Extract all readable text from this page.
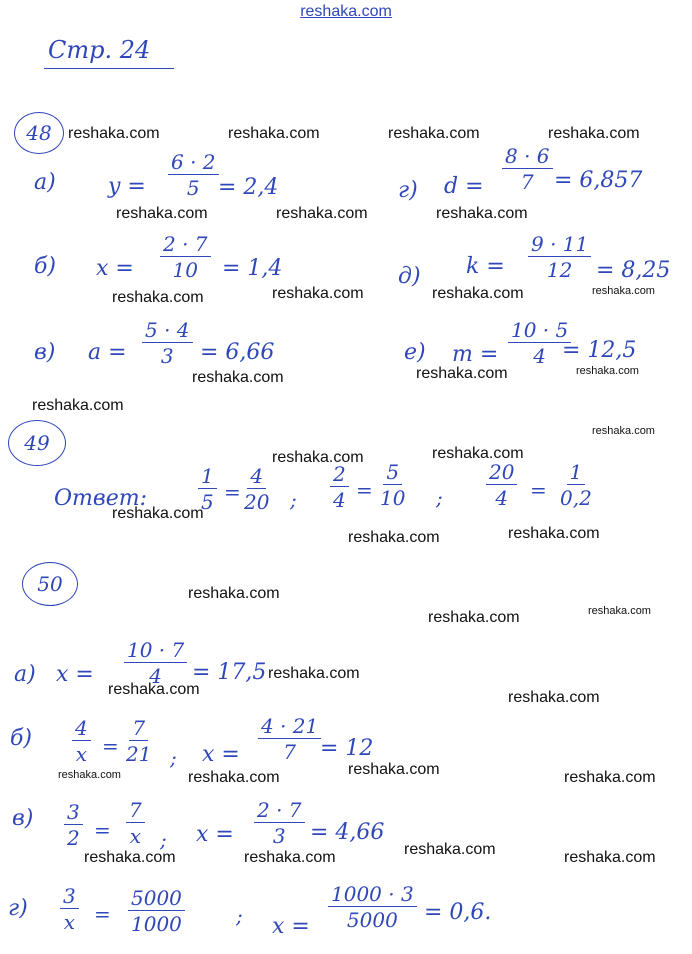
reshaka.com
Стр. 24
48
а) $y = \frac{6 \cdot 2}{5} = 2,4$
б) $x = \frac{2 \cdot 7}{10} = 1,4$
в) $a = \frac{5 \cdot 4}{3} = 6,66$
г) $d = \frac{8 \cdot 6}{7} = 6,857$
д) $k = \frac{9 \cdot 11}{12} = 8,25$
е) $m = \frac{10 \cdot 5}{4}$
= 12,5
49
Ответ:	$\frac{1}{5} = \frac{4}{20}$ ; $\frac{2}{4} = \frac{5}{10}$ ; $\frac{20}{4} = \frac{1}{0,2}$
50
а) $x = \frac{10 \cdot 7}{4} = 17,5$
$б) \frac{4}{x} = \frac{7}{21}$ ; $x = \frac{4 \cdot 21}{7}$
= 12
$в) \frac{3}{2} = \frac{7}{x}$ ; $x = \frac{2 \cdot 7}{3} = 4,66$
$г) \frac{3}{x} = \frac{5000}{1000}$	; $x = \frac{1000 \cdot 3}{5000} = 0,6$.
reshaka.com	reshaka.com	reshaka.com	reshaka.com
reshaka.com	reshaka.com	reshaka.com
reshaka.com	reshaka.com	reshaka.com	reshaka.com
reshaka.com	reshaka.com	reshaka.com
reshaka.com
reshaka.com
reshaka.com	reshaka.com
reshaka.com
reshaka.com	reshaka.com
reshaka.com
reshaka.com
reshaka.com
reshaka.com
reshaka.com	reshaka.com
reshaka.com	reshaka.com	reshaka.com	reshaka.com
reshaka.com	reshaka.com	reshaka.com	reshaka.com
